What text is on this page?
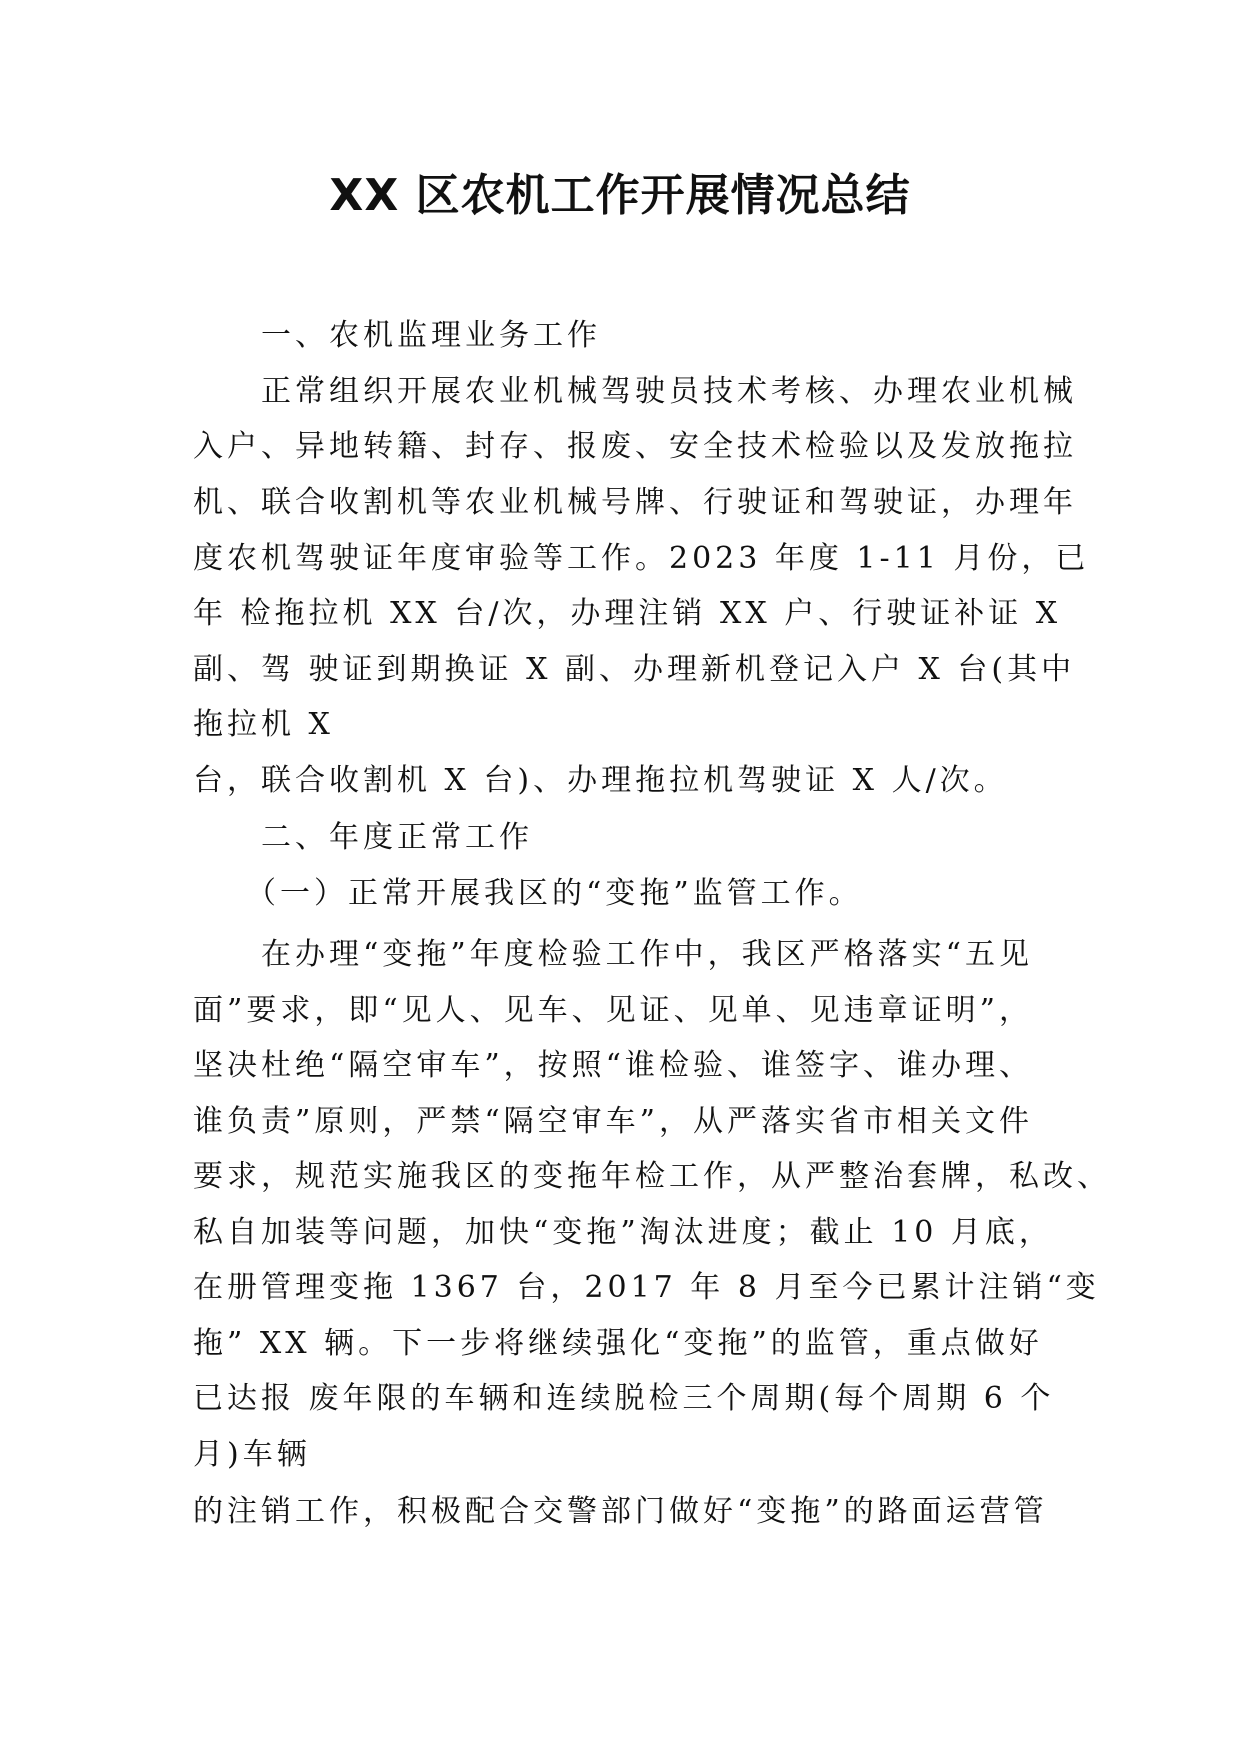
XX 区农机工作开展情况总结
　　一、农机监理业务工作
　　正常组织开展农业机械驾驶员技术考核、办理农业机械
入户、异地转籍、封存、报废、安全技术检验以及发放拖拉
机、联合收割机等农业机械号牌、行驶证和驾驶证，办理年
度农机驾驶证年度审验等工作。2023 年度 1-11 月份，已
年 检拖拉机 XX 台/次，办理注销 XX 户、行驶证补证 X
副、驾 驶证到期换证 X 副、办理新机登记入户 X 台(其中
拖拉机 X
台，联合收割机 X 台)、办理拖拉机驾驶证 X 人/次。
　　二、年度正常工作
　　（一）正常开展我区的“变拖”监管工作。
　　在办理“变拖”年度检验工作中，我区严格落实“五见
面”要求，即“见人、见车、见证、见单、见违章证明”，
坚决杜绝“隔空审车”，按照“谁检验、谁签字、谁办理、
谁负责”原则，严禁“隔空审车”，从严落实省市相关文件
要求，规范实施我区的变拖年检工作，从严整治套牌，私改、
私自加装等问题，加快“变拖”淘汰进度；截止 10 月底，
在册管理变拖 1367 台，2017 年 8 月至今已累计注销“变
拖” XX 辆。下一步将继续强化“变拖”的监管，重点做好
已达报 废年限的车辆和连续脱检三个周期(每个周期 6 个
月)车辆
的注销工作，积极配合交警部门做好“变拖”的路面运营管
